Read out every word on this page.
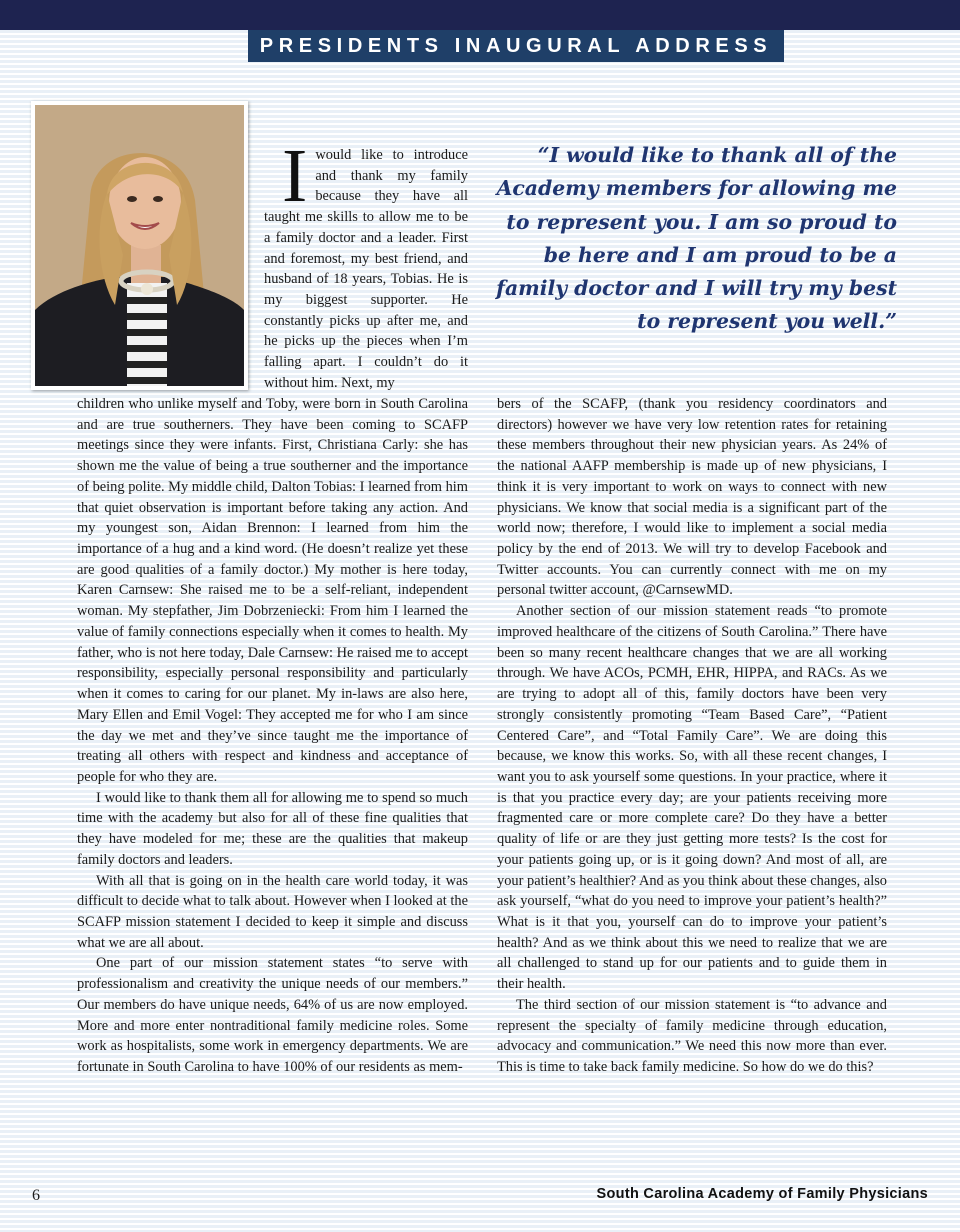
PRESIDENTS INAUGURAL ADDRESS
Iwould like to introduce and thank my family because they have all taught me skills to allow me to be a family doctor and a leader. First and foremost, my best friend, and husband of 18 years, Tobias. He is my biggest supporter. He constantly picks up after me, and he picks up the pieces when I’m falling apart. I couldn’t do it without him. Next, my
“I would like to thank all of the Academy members for allowing me to represent you. I am so proud to be here and I am proud to be a family doctor and I will try my best to represent you well.”

children who unlike myself and Toby, were born in South Carolina and are true southerners. They have been coming to SCAFP meetings since they were infants. First, Christiana Carly: she has shown me the value of being a true southerner and the importance of being polite. My middle child, Dalton Tobias: I learned from him that quiet observation is important before taking any action. And my youngest son, Aidan Brennon: I learned from him the importance of a hug and a kind word. (He doesn’t realize yet these are good qualities of a family doctor.) My mother is here today, Karen Carnsew: She raised me to be a self-reliant, independent woman. My stepfather, Jim Dobrzeniecki: From him I learned the value of family connections especially when it comes to health. My father, who is not here today, Dale Carnsew: He raised me to accept responsibility, especially personal responsibility and particularly when it comes to caring for our planet. My in-laws are also here, Mary Ellen and Emil Vogel: They accepted me for who I am since the day we met and they’ve since taught me the importance of treating all others with respect and kindness and acceptance of people for who they are.

I would like to thank them all for allowing me to spend so much time with the academy but also for all of these fine qualities that they have modeled for me; these are the qualities that makeup family doctors and leaders.

With all that is going on in the health care world today, it was difficult to decide what to talk about. However when I looked at the SCAFP mission statement I decided to keep it simple and discuss what we are all about.

One part of our mission statement states “to serve with professionalism and creativity the unique needs of our members.” Our members do have unique needs, 64% of us are now employed. More and more enter nontraditional family medicine roles. Some work as hospitalists, some work in emergency departments. We are fortunate in South Carolina to have 100% of our residents as mem-

bers of the SCAFP, (thank you residency coordinators and directors) however we have very low retention rates for retaining these members throughout their new physician years. As 24% of the national AAFP membership is made up of new physicians, I think it is very important to work on ways to connect with new physicians. We know that social media is a significant part of the world now; therefore, I would like to implement a social media policy by the end of 2013. We will try to develop Facebook and Twitter accounts. You can currently connect with me on my personal twitter account, @CarnsewMD.

Another section of our mission statement reads “to promote improved healthcare of the citizens of South Carolina.” There have been so many recent healthcare changes that we are all working through. We have ACOs, PCMH, EHR, HIPPA, and RACs. As we are trying to adopt all of this, family doctors have been very strongly consistently promoting “Team Based Care”, “Patient Centered Care”, and “Total Family Care”. We are doing this because, we know this works. So, with all these recent changes, I want you to ask yourself some questions. In your practice, where it is that you practice every day; are your patients receiving more fragmented care or more complete care? Do they have a better quality of life or are they just getting more tests? Is the cost for your patients going up, or is it going down? And most of all, are your patient’s healthier? And as you think about these changes, also ask yourself, “what do you need to improve your patient’s health?” What is it that you, yourself can do to improve your patient’s health? And as we think about this we need to realize that we are all challenged to stand up for our patients and to guide them in their health.

The third section of our mission statement is “to advance and represent the specialty of family medicine through education, advocacy and communication.” We need this now more than ever. This is time to take back family medicine. So how do we do this?

6	South Carolina Academy of Family Physicians
